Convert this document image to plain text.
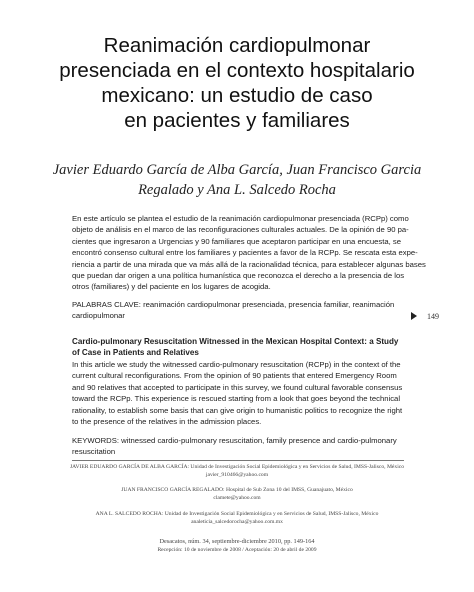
Reanimación cardiopulmonar
presenciada en el contexto hospitalario
mexicano: un estudio de caso
en pacientes y familiares
Javier Eduardo García de Alba García, Juan Francisco Garcia
Regalado y Ana L. Salcedo Rocha
En este artículo se plantea el estudio de la reanimación cardiopulmonar presenciada (RCPp) como
objeto de análisis en el marco de las reconfiguraciones culturales actuales. De la opinión de 90 pa-
cientes que ingresaron a Urgencias y 90 familiares que aceptaron participar en una encuesta, se
encontró consenso cultural entre los familiares y pacientes a favor de la RCPp. Se rescata esta expe-
riencia a partir de una mirada que va más allá de la racionalidad técnica, para establecer algunas bases
que puedan dar origen a una política humanística que reconozca el derecho a la presencia de los
otros (familiares) y del paciente en los lugares de acogida.
PALABRAS CLAVE: reanimación cardiopulmonar presenciada, presencia familiar, reanimación
cardiopulmonar	149
Cardio-pulmonary Resuscitation Witnessed in the Mexican Hospital Context: a Study
of Case in Patients and Relatives
In this article we study the witnessed cardio-pulmonary resuscitation (RCPp) in the context of the
current cultural reconfigurations. From the opinion of 90 patients that entered Emergency Room
and 90 relatives that accepted to participate in this survey, we found cultural favorable consensus
toward the RCPp. This experience is rescued starting from a look that goes beyond the technical
rationality, to establish some basis that can give origin to humanistic politics to recognize the right
to the presence of the relatives in the admission places.
KEYWORDS: witnessed cardio-pulmonary resuscitation, family presence and cardio-pulmonary
resuscitation
JAVIER EDUARDO GARCÍA DE ALBA GARCÍA: Unidad de Investigación Social Epidemiológica y en Servicios de Salud, IMSS-Jalisco, México
javier_910466@yahoo.com
JUAN FRANCISCO GARCÍA REGALADO: Hospital de Sub Zona 10 del IMSS, Guanajuato, México
clamete@yahoo.com
ANA L. SALCEDO ROCHA: Unidad de Investigación Social Epidemiológica y en Servicios de Salud, IMSS-Jalisco, México
analeticia_salcedorocha@yahoo.com.mx
Desacatos, núm. 34, septiembre-diciembre 2010, pp. 149-164
Recepción: 10 de noviembre de 2008 / Aceptación: 20 de abril de 2009
